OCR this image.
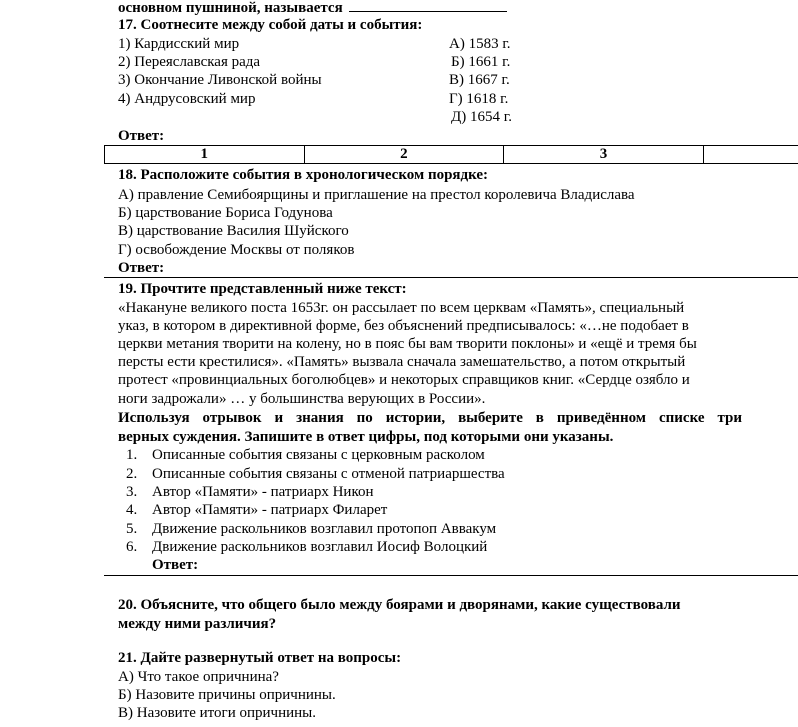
основном пушниной, называется
17. Соотнесите между собой даты и события:
1) Кардисский мир
2) Переяславская рада
3) Окончание Ливонской войны
4) Андрусовский мир
А) 1583 г.
Б) 1661 г.
В) 1667 г.
Г) 1618 г.
Д) 1654 г.
Ответ:
1	2	3	
18. Расположите события в хронологическом порядке:
А) правление Семибоярщины и приглашение на престол королевича Владислава
Б) царствование Бориса Годунова
В) царствование Василия Шуйского
Г) освобождение Москвы от поляков
Ответ:
19. Прочтите представленный ниже текст:
«Накануне великого поста 1653г. он рассылает по всем церквам «Память», специальный
указ, в котором в директивной форме, без объяснений предписывалось: «…не подобает в
церкви метания творити на колену, но в пояс бы вам творити поклоны» и «ещё и тремя бы
персты ести крестилися». «Память» вызвала сначала замешательство, а потом открытый
протест «провинциальных боголюбцев» и некоторых справщиков книг. «Сердце озябло и
ноги задрожали» … у большинства верующих в России».
Используя отрывок и знания по истории, выберите в приведённом списке три
верных суждения. Запишите в ответ цифры, под которыми они указаны.
1. Описанные события связаны с церковным расколом
2. Описанные события связаны с отменой патриаршества
3. Автор «Памяти» - патриарх Никон
4. Автор «Памяти» - патриарх Филарет
5. Движение раскольников возглавил протопоп Аввакум
6. Движение раскольников возглавил Иосиф Волоцкий
Ответ:
20. Объясните, что общего было между боярами и дворянами, какие существовали
между ними различия?
21. Дайте развернутый ответ на вопросы:
А) Что такое опричнина?
Б) Назовите причины опричнины.
В) Назовите итоги опричнины.
